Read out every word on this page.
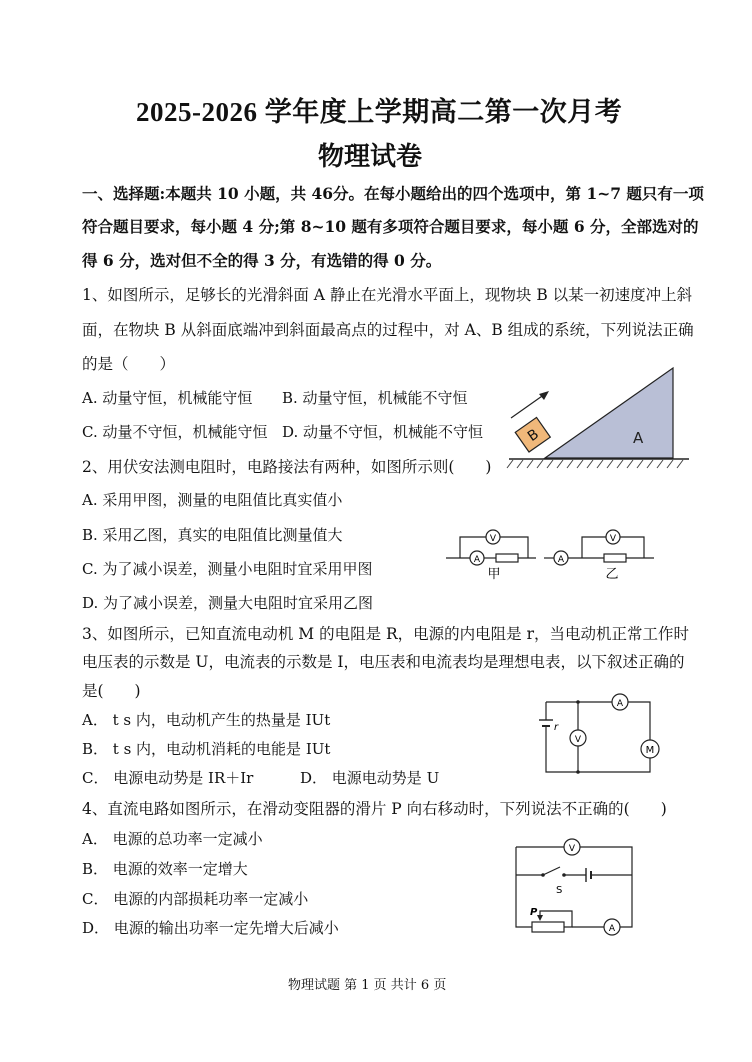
2025-2026 学年度上学期高二第一次月考
物理试卷
一、选择题:本题共 10 小题，共 46分。在每小题给出的四个选项中，第 1~7 题只有一项
符合题目要求，每小题 4 分;第 8~10 题有多项符合题目要求，每小题 6 分，全部选对的
得 6 分，选对但不全的得 3 分，有选错的得 0 分。
1、如图所示，足够长的光滑斜面 A 静止在光滑水平面上，现物块 B 以某一初速度冲上斜
面，在物块 B 从斜面底端冲到斜面最高点的过程中，对 A、B 组成的系统，下列说法正确
的是（　　）
A. 动量守恒，机械能守恒 B. 动量守恒，机械能不守恒
C. 动量不守恒，机械能守恒 D. 动量不守恒，机械能不守恒	B	A
2、用伏安法测电阻时，电路接法有两种，如图所示则(　　)
A. 采用甲图，测量的电阻值比真实值小
B. 采用乙图，真实的电阻值比测量值大
C. 为了减小误差，测量小电阻时宜采用甲图
D. 为了减小误差，测量大电阻时宜采用乙图
A
V
甲
A
V
乙
3、如图所示，已知直流电动机 M 的电阻是 R，电源的内电阻是 r，当电动机正常工作时
电压表的示数是 U，电流表的示数是 I，电压表和电流表均是理想电表，以下叙述正确的
是(　　)
A． t s 内，电动机产生的热量是 IUt
B． t s 内，电动机消耗的电能是 IUt
C． 电源电动势是 IR＋Ir	D． 电源电动势是 U
r
A
V
M
4、直流电路如图所示，在滑动变阻器的滑片 P 向右移动时，下列说法不正确的(　　)
A． 电源的总功率一定减小
B． 电源的效率一定增大
C． 电源的内部损耗功率一定减小
D． 电源的输出功率一定先增大后减小
V
S
P
A
物理试题 第 1 页 共计 6 页
